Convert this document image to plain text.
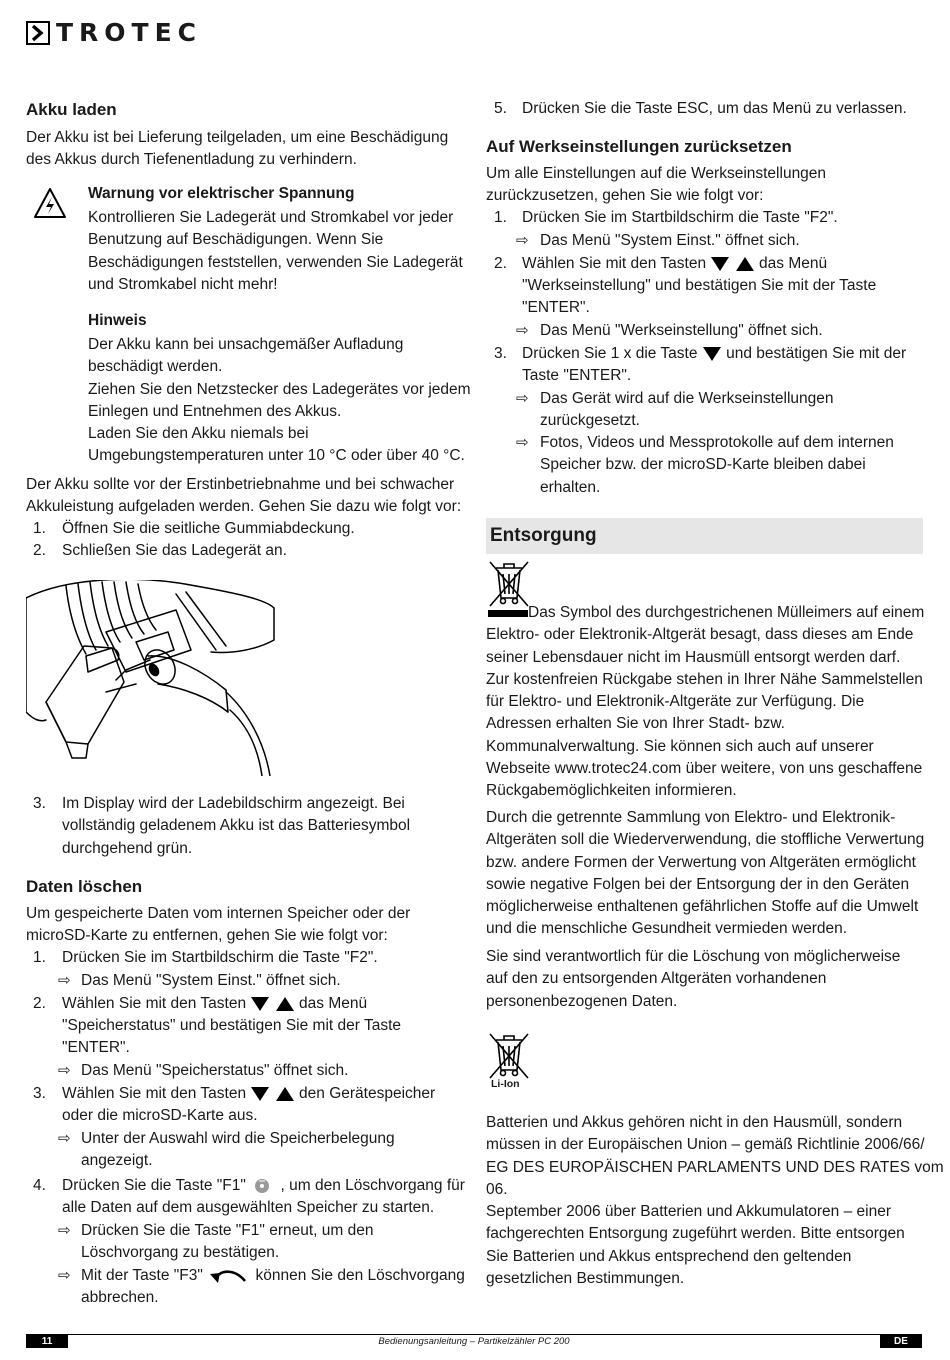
TROTEC
Akku laden
Der Akku ist bei Lieferung teilgeladen, um eine Beschädigung
des Akkus durch Tiefenentladung zu verhindern.
Warnung vor elektrischer Spannung
Kontrollieren Sie Ladegerät und Stromkabel vor jeder
Benutzung auf Beschädigungen. Wenn Sie
Beschädigungen feststellen, verwenden Sie Ladegerät
und Stromkabel nicht mehr!
Hinweis
Der Akku kann bei unsachgemäßer Aufladung
beschädigt werden.
Ziehen Sie den Netzstecker des Ladegerätes vor jedem
Einlegen und Entnehmen des Akkus.
Laden Sie den Akku niemals bei
Umgebungstemperaturen unter 10 °C oder über 40 °C.
Der Akku sollte vor der Erstinbetriebnahme und bei schwacher
Akkuleistung aufgeladen werden. Gehen Sie dazu wie folgt vor:
1. Öffnen Sie die seitliche Gummiabdeckung.
2. Schließen Sie das Ladegerät an.
3. Im Display wird der Ladebildschirm angezeigt. Bei
vollständig geladenem Akku ist das Batteriesymbol
durchgehend grün.
Daten löschen
Um gespeicherte Daten vom internen Speicher oder der
microSD-Karte zu entfernen, gehen Sie wie folgt vor:
1. Drücken Sie im Startbildschirm die Taste "F2".
⇨ Das Menü "System Einst." öffnet sich.
2. Wählen Sie mit den Tasten	das Menü
"Speicherstatus" und bestätigen Sie mit der Taste
"ENTER".
⇨ Das Menü "Speicherstatus" öffnet sich.
3. Wählen Sie mit den Tasten	den Gerätespeicher
oder die microSD-Karte aus.
⇨ Unter der Auswahl wird die Speicherbelegung
angezeigt.
4. Drücken Sie die Taste "F1" , um den Löschvorgang für
alle Daten auf dem ausgewählten Speicher zu starten.
⇨ Drücken Sie die Taste "F1" erneut, um den
Löschvorgang zu bestätigen.
⇨ Mit der Taste "F3"	können Sie den Löschvorgang
abbrechen.
5. Drücken Sie die Taste ESC, um das Menü zu verlassen.
Auf Werkseinstellungen zurücksetzen
Um alle Einstellungen auf die Werkseinstellungen
zurückzusetzen, gehen Sie wie folgt vor:
1. Drücken Sie im Startbildschirm die Taste "F2".
⇨ Das Menü "System Einst." öffnet sich.
2. Wählen Sie mit den Tasten	das Menü
"Werkseinstellung" und bestätigen Sie mit der Taste
"ENTER".
⇨ Das Menü "Werkseinstellung" öffnet sich.
3. Drücken Sie 1 x die Taste und bestätigen Sie mit der
Taste "ENTER".
⇨ Das Gerät wird auf die Werkseinstellungen
zurückgesetzt.
⇨ Fotos, Videos und Messprotokolle auf dem internen
Speicher bzw. der microSD-Karte bleiben dabei
erhalten.
Entsorgung
Das Symbol des durchgestrichenen Mülleimers auf einem
Elektro- oder Elektronik-Altgerät besagt, dass dieses am Ende
seiner Lebensdauer nicht im Hausmüll entsorgt werden darf.
Zur kostenfreien Rückgabe stehen in Ihrer Nähe Sammelstellen
für Elektro- und Elektronik-Altgeräte zur Verfügung. Die
Adressen erhalten Sie von Ihrer Stadt- bzw.
Kommunalverwaltung. Sie können sich auch auf unserer
Webseite www.trotec24.com über weitere, von uns geschaffene
Rückgabemöglichkeiten informieren.
Durch die getrennte Sammlung von Elektro- und Elektronik-
Altgeräten soll die Wiederverwendung, die stoffliche Verwertung
bzw. andere Formen der Verwertung von Altgeräten ermöglicht
sowie negative Folgen bei der Entsorgung der in den Geräten
möglicherweise enthaltenen gefährlichen Stoffe auf die Umwelt
und die menschliche Gesundheit vermieden werden.
Sie sind verantwortlich für die Löschung von möglicherweise
auf den zu entsorgenden Altgeräten vorhandenen
personenbezogenen Daten.
Li-Ion
Batterien und Akkus gehören nicht in den Hausmüll, sondern
müssen in der Europäischen Union – gemäß Richtlinie 2006/66/
EG DES EUROPÄISCHEN PARLAMENTS UND DES RATES vom 06.
September 2006 über Batterien und Akkumulatoren – einer
fachgerechten Entsorgung zugeführt werden. Bitte entsorgen
Sie Batterien und Akkus entsprechend den geltenden
gesetzlichen Bestimmungen.
Bedienungsanleitung – Partikelzähler PC 200
11	DE
